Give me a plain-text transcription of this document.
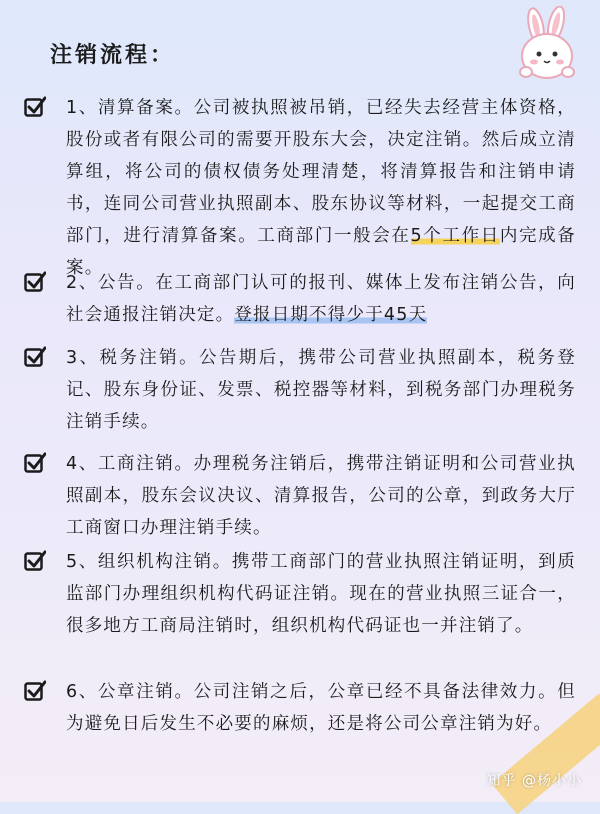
注销流程：
1、清算备案。公司被执照被吊销，已经失去经营主体资格，股份或者有限公司的需要开股东大会，决定注销。然后成立清算组，将公司的债权债务处理清楚，将清算报告和注销申请书，连同公司营业执照副本、股东协议等材料，一起提交工商部门，进行清算备案。工商部门一般会在5个工作日内完成备案。
2、公告。在工商部门认可的报刊、媒体上发布注销公告，向社会通报注销决定。登报日期不得少于45天
3、税务注销。公告期后，携带公司营业执照副本，税务登记、股东身份证、发票、税控器等材料，到税务部门办理税务注销手续。
4、工商注销。办理税务注销后，携带注销证明和公司营业执照副本，股东会议决议、清算报告，公司的公章，到政务大厅工商窗口办理注销手续。
5、组织机构注销。携带工商部门的营业执照注销证明，到质监部门办理组织机构代码证注销。现在的营业执照三证合一，很多地方工商局注销时，组织机构代码证也一并注销了。
6、公章注销。公司注销之后，公章已经不具备法律效力。但为避免日后发生不必要的麻烦，还是将公司公章注销为好。
知乎 @杨小小
